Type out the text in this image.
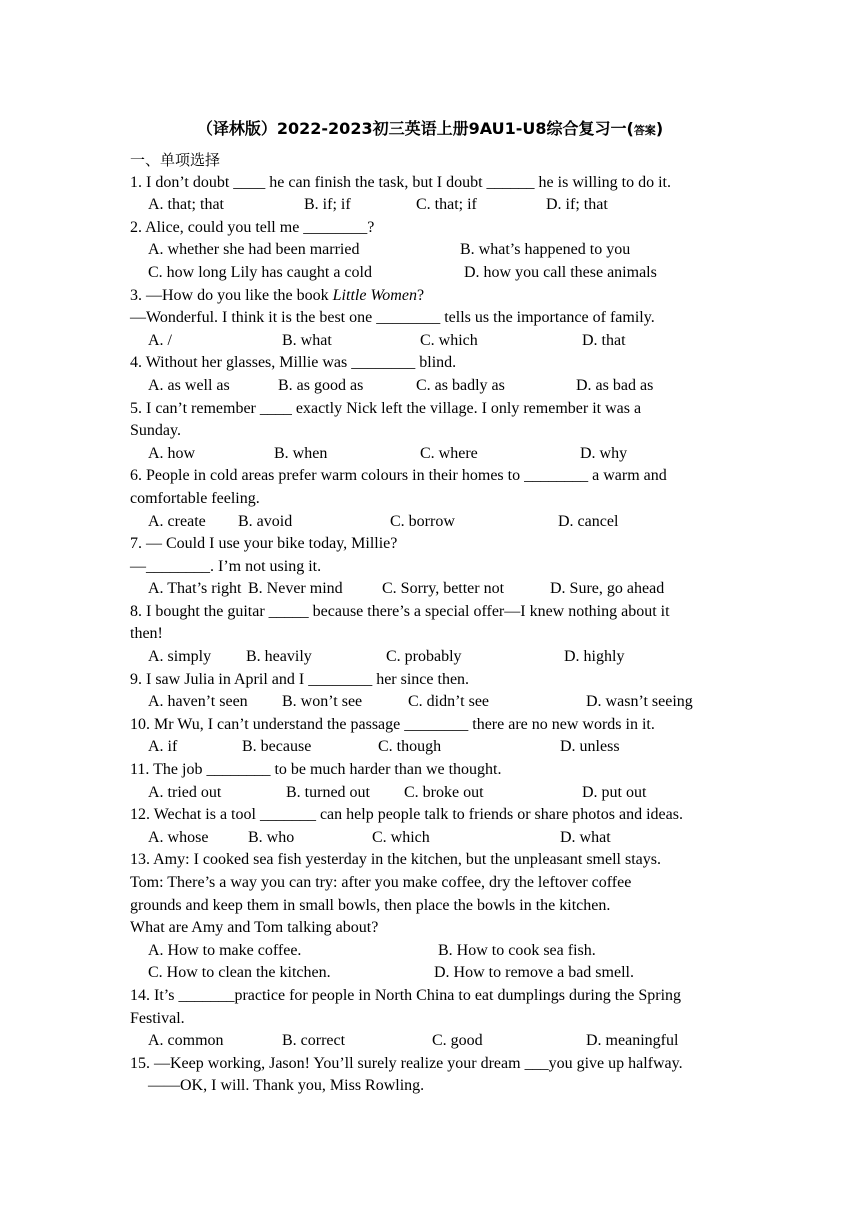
（译林版）2022-2023初三英语上册9AU1-U8综合复习一(答案)
一、单项选择
1. I don’t doubt ____ he can finish the task, but I doubt ______ he is willing to do it.
A. that; that	B. if; if	C. that; if	D. if; that
2. Alice, could you tell me ________?
A. whether she had been married	B. what’s happened to you
C. how long Lily has caught a cold	D. how you call these animals
3. —How do you like the book Little Women?
—Wonderful. I think it is the best one ________ tells us the importance of family.
A. /	B. what	C. which	D. that
4. Without her glasses, Millie was ________ blind.
A. as well as	B. as good as	C. as badly as	D. as bad as
5. I can’t remember ____ exactly Nick left the village. I only remember it was a
Sunday.
A. how	B. when	C. where	D. why
6. People in cold areas prefer warm colours in their homes to ________ a warm and
comfortable feeling.
A. create B. avoid	C. borrow	D. cancel
7. — Could I use your bike today, Millie?
—________. I’m not using it.
A. That’s right B. Never mind C. Sorry, better not	D. Sure, go ahead
8. I bought the guitar _____ because there’s a special offer—I knew nothing about it
then!
A. simply B. heavily	C. probably	D. highly
9. I saw Julia in April and I ________ her since then.
A. haven’t seen B. won’t see	C. didn’t see	D. wasn’t seeing
10. Mr Wu, I can’t understand the passage ________ there are no new words in it.
A. if	B. because	C. though	D. unless
11. The job ________ to be much harder than we thought.
A. tried out	B. turned out C. broke out	D. put out
12. Wechat is a tool _______ can help people talk to friends or share photos and ideas.
A. whose B. who	C. which	D. what
13. Amy: I cooked sea fish yesterday in the kitchen, but the unpleasant smell stays.
Tom: There’s a way you can try: after you make coffee, dry the leftover coffee
grounds and keep them in small bowls, then place the bowls in the kitchen.
What are Amy and Tom talking about?
A. How to make coffee.	B. How to cook sea fish.
C. How to clean the kitchen.	D. How to remove a bad smell.
14. It’s _______practice for people in North China to eat dumplings during the Spring
Festival.
A. common	B. correct	C. good	D. meaningful
15. —Keep working, Jason! You’ll surely realize your dream ___you give up halfway.
——OK, I will. Thank you, Miss Rowling.
